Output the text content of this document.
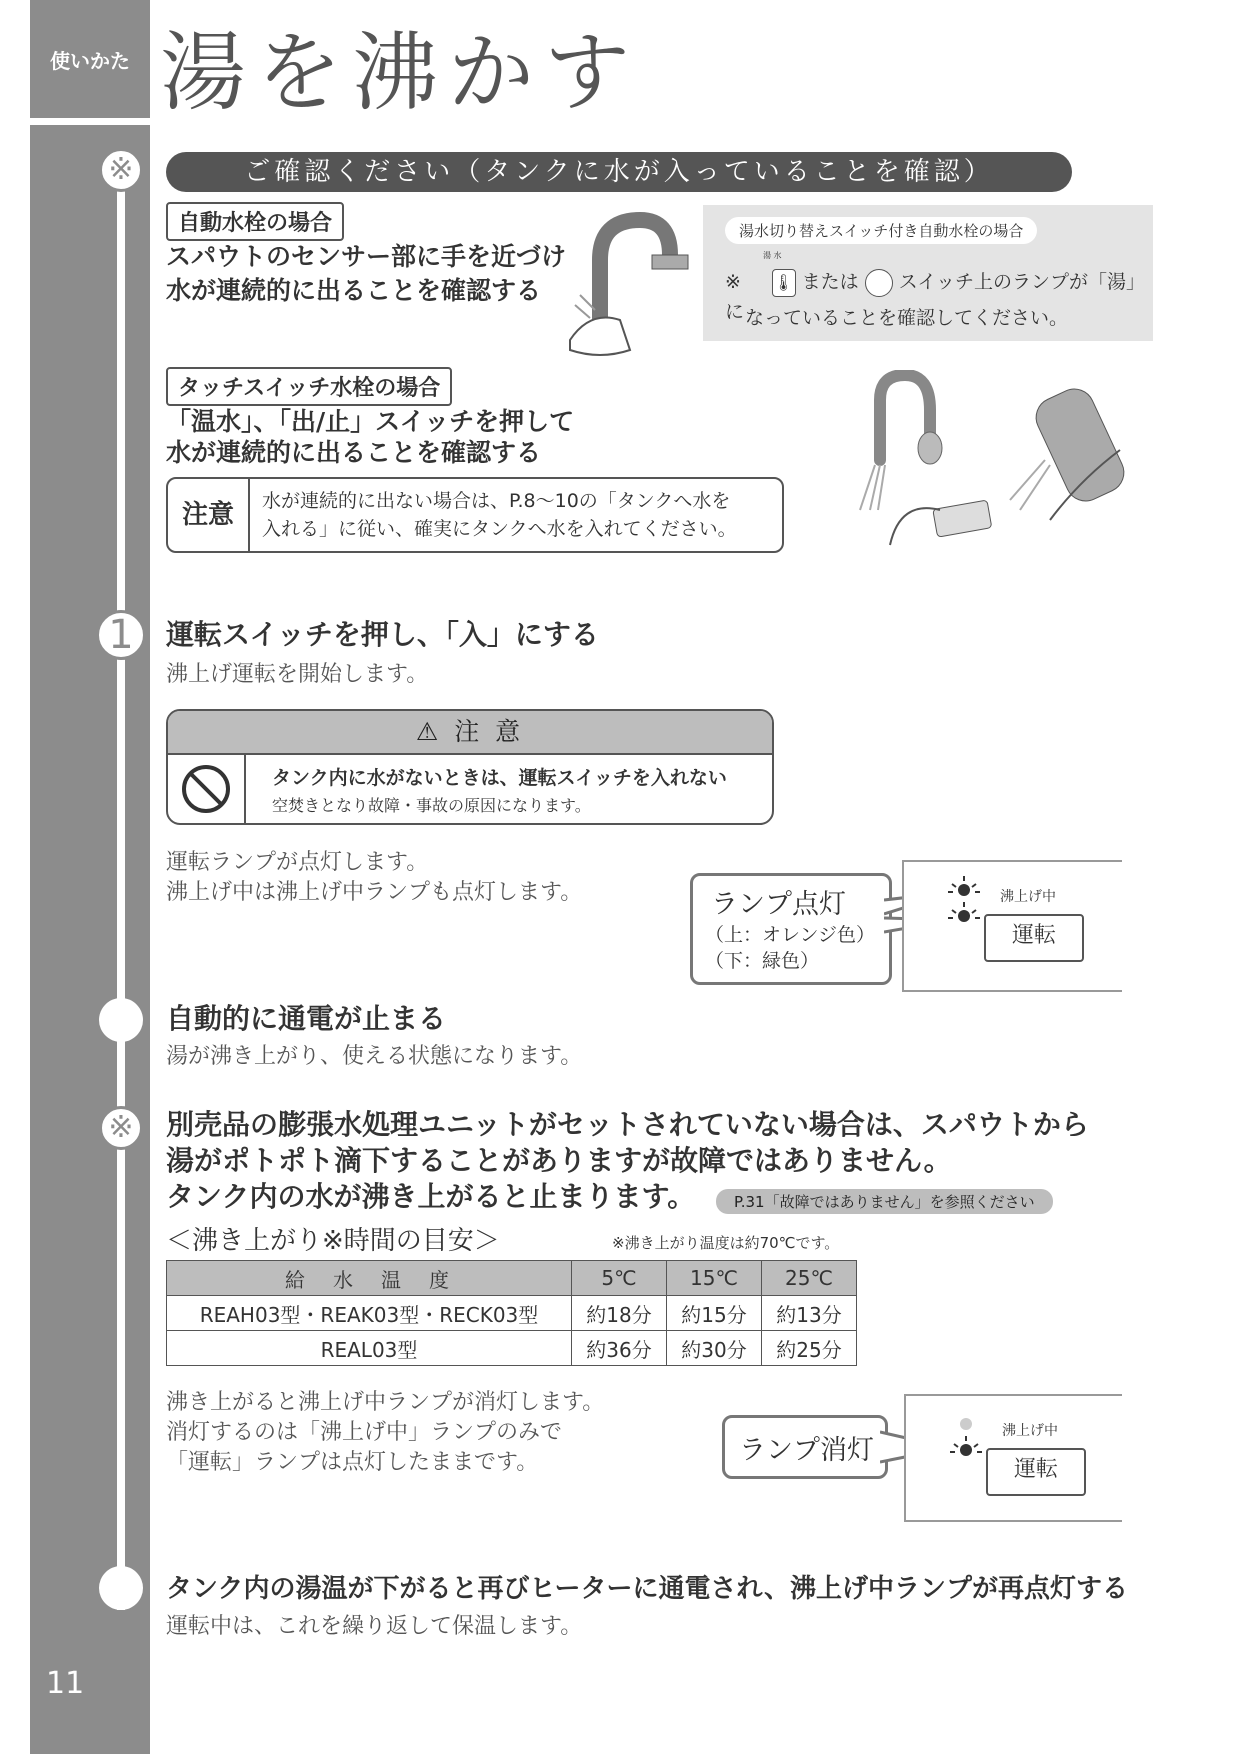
使いかた
11
湯を沸かす
※	ご確認ください（タンクに水が入っていることを確認）
自動水栓の場合
スパウトのセンサー部に手を近づけ
水が連続的に出ることを確認する
湯水切り替えスイッチ付き自動水栓の場合
※ $^{湯 水}$ 🌡 または スイッチ上のランプが「湯」に なっていることを確認してください。
タッチスイッチ水栓の場合
「温水」、「出/止」スイッチを押して
水が連続的に出ることを確認する
注意	水が連続的に出ない場合は、P.8〜10の「タンクへ水を
入れる」に従い、確実にタンクへ水を入れてください。
1	運転スイッチを押し、「入」にする
沸上げ運転を開始します。
⚠ 注 意
タンク内に水がないときは、運転スイッチを入れない
空焚きとなり故障・事故の原因になります。
運転ランプが点灯します。
沸上げ中は沸上げ中ランプも点灯します。	ランプ点灯
（上：オレンジ色）
（下：緑色）
沸上げ中
運転
自動的に通電が止まる
湯が沸き上がり、使える状態になります。
※ 別売品の膨張水処理ユニットがセットされていない場合は、スパウトから
湯がポトポト滴下することがありますが故障ではありません。
タンク内の水が沸き上がると止まります。	P.31「故障ではありません」を参照ください
＜沸き上がり※時間の目安＞	※沸き上がり温度は約70℃です。
給　水　温　度	5℃	15℃	25℃
REAH03型・REAK03型・RECK03型	約18分	約15分	約13分
REAL03型	約36分	約30分	約25分
沸き上がると沸上げ中ランプが消灯します。
消灯するのは「沸上げ中」ランプのみで
「運転」ランプは点灯したままです。	ランプ消灯
沸上げ中
運転
タンク内の湯温が下がると再びヒーターに通電され、沸上げ中ランプが再点灯する
運転中は、これを繰り返して保温します。
